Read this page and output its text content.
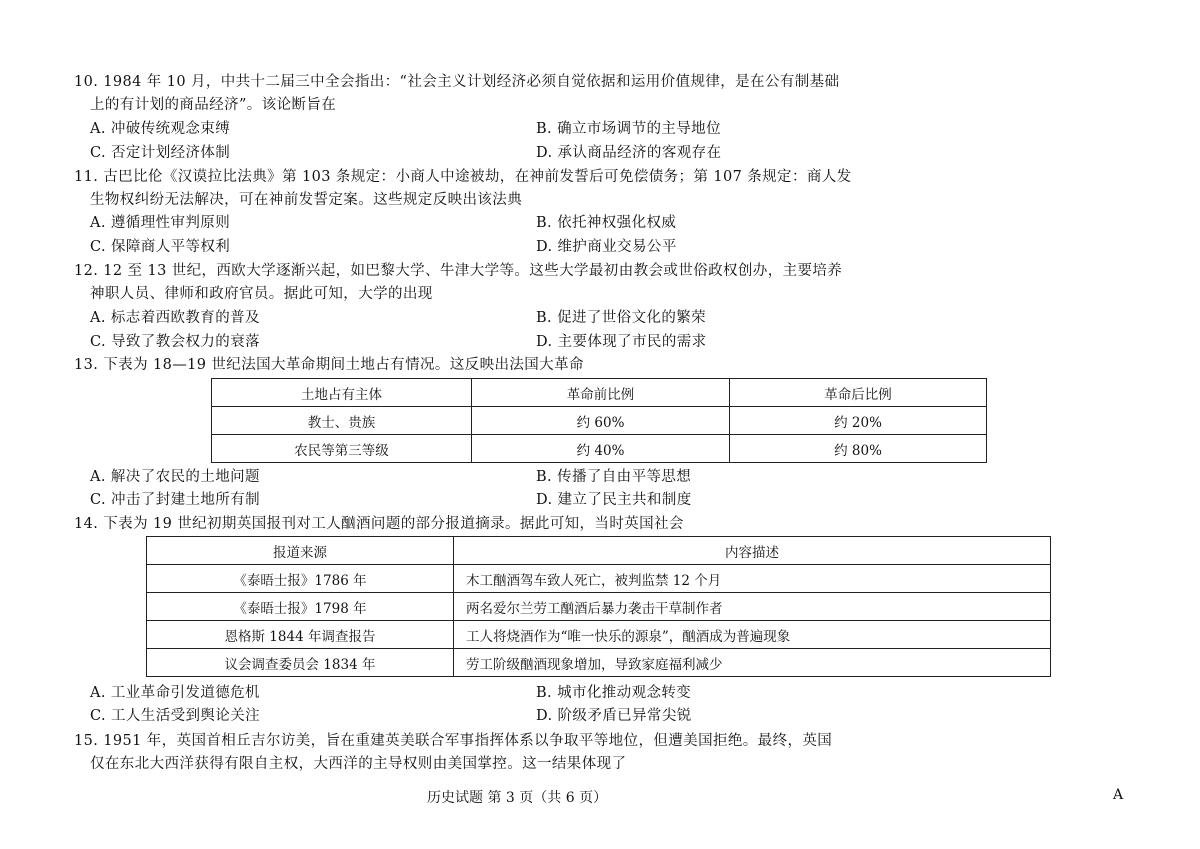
10. 1984 年 10 月，中共十二届三中全会指出：“社会主义计划经济必须自觉依据和运用价值规律，是在公有制基础
上的有计划的商品经济”。该论断旨在
A. 冲破传统观念束缚	B. 确立市场调节的主导地位
C. 否定计划经济体制	D. 承认商品经济的客观存在
11. 古巴比伦《汉谟拉比法典》第 103 条规定：小商人中途被劫，在神前发誓后可免偿债务；第 107 条规定：商人发
生物权纠纷无法解决，可在神前发誓定案。这些规定反映出该法典
A. 遵循理性审判原则	B. 依托神权强化权威
C. 保障商人平等权利	D. 维护商业交易公平
12. 12 至 13 世纪，西欧大学逐渐兴起，如巴黎大学、牛津大学等。这些大学最初由教会或世俗政权创办，主要培养
神职人员、律师和政府官员。据此可知，大学的出现
A. 标志着西欧教育的普及	B. 促进了世俗文化的繁荣
C. 导致了教会权力的衰落	D. 主要体现了市民的需求
13. 下表为 18—19 世纪法国大革命期间土地占有情况。这反映出法国大革命
土地占有主体	革命前比例	革命后比例
教士、贵族	约 60%	约 20%
农民等第三等级	约 40%	约 80%
A. 解决了农民的土地问题	B. 传播了自由平等思想
C. 冲击了封建土地所有制	D. 建立了民主共和制度
14. 下表为 19 世纪初期英国报刊对工人酗酒问题的部分报道摘录。据此可知，当时英国社会
报道来源	内容描述
《泰晤士报》1786 年	木工酗酒驾车致人死亡，被判监禁 12 个月
《泰晤士报》1798 年	两名爱尔兰劳工酗酒后暴力袭击干草制作者
恩格斯 1844 年调查报告	工人将烧酒作为“唯一快乐的源泉”，酗酒成为普遍现象
议会调查委员会 1834 年	劳工阶级酗酒现象增加，导致家庭福利减少
A. 工业革命引发道德危机	B. 城市化推动观念转变
C. 工人生活受到舆论关注	D. 阶级矛盾已异常尖锐
15. 1951 年，英国首相丘吉尔访美，旨在重建英美联合军事指挥体系以争取平等地位，但遭美国拒绝。最终，英国
仅在东北大西洋获得有限自主权，大西洋的主导权则由美国掌控。这一结果体现了
历史试题 第 3 页（共 6 页）	A
